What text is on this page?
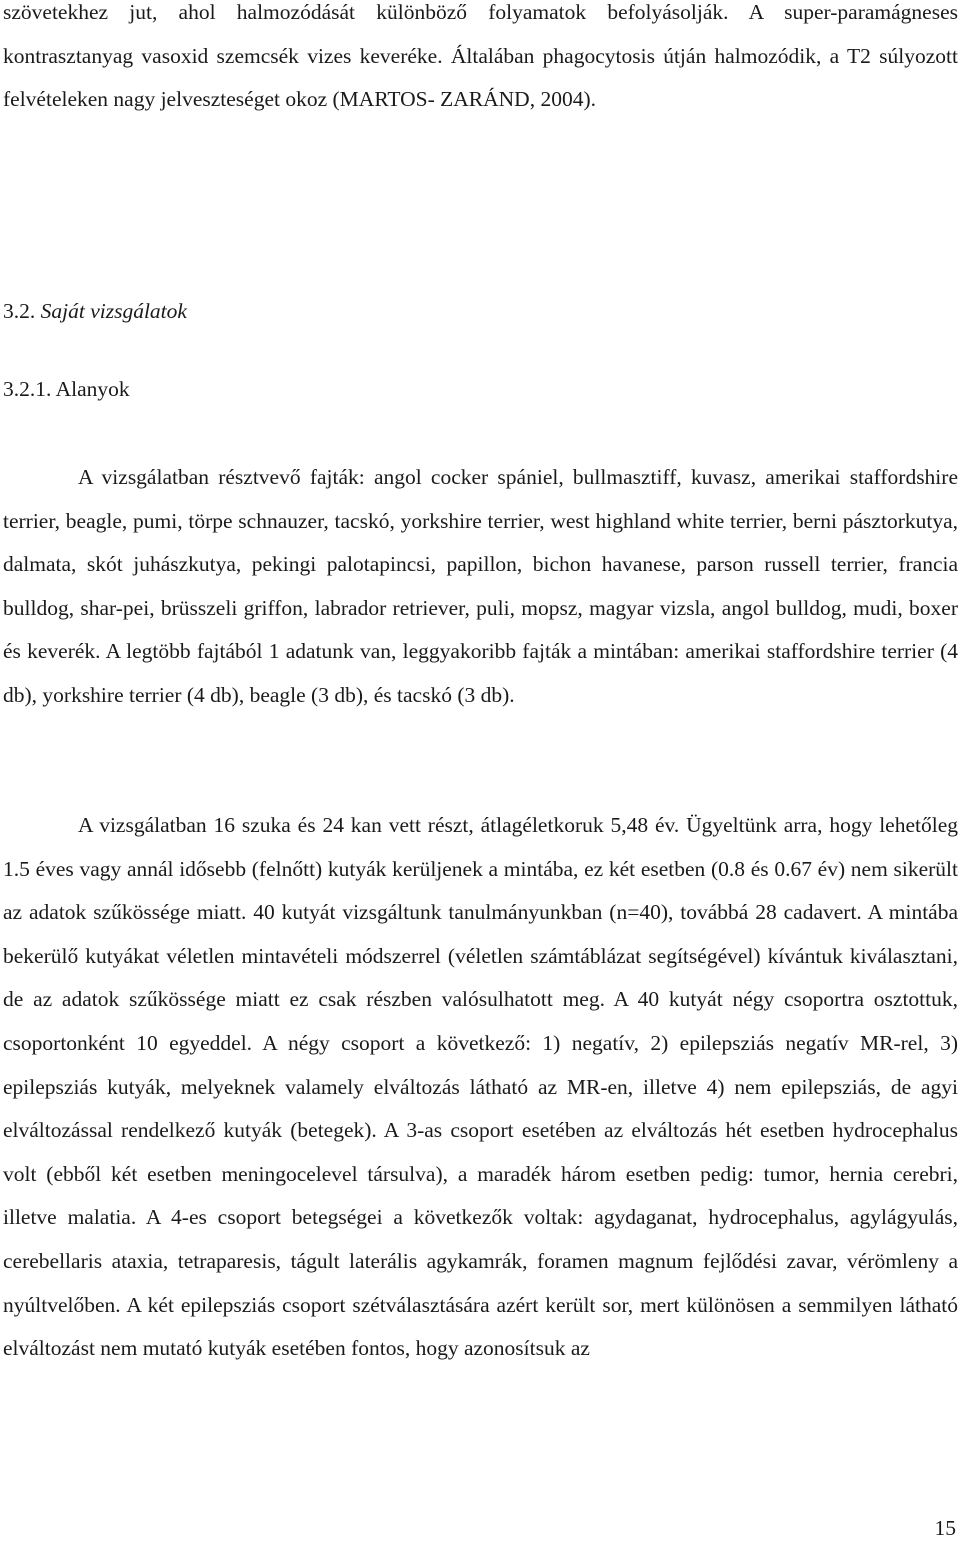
szövetekhez jut, ahol halmozódását különböző folyamatok befolyásolják. A super-paramágneses kontrasztanyag vasoxid szemcsék vizes keveréke. Általában phagocytosis útján halmozódik, a T2 súlyozott felvételeken nagy jelveszteséget okoz (MARTOS- ZARÁND, 2004).

3.2. Saját vizsgálatok

3.2.1. Alanyok

A vizsgálatban résztvevő fajták: angol cocker spániel, bullmasztiff, kuvasz, amerikai staffordshire terrier, beagle, pumi, törpe schnauzer, tacskó, yorkshire terrier, west highland white terrier, berni pásztorkutya, dalmata, skót juhászkutya, pekingi palotapincsi, papillon, bichon havanese, parson russell terrier, francia bulldog, shar-pei, brüsszeli griffon, labrador retriever, puli, mopsz, magyar vizsla, angol bulldog, mudi, boxer és keverék. A legtöbb fajtából 1 adatunk van, leggyakoribb fajták a mintában: amerikai staffordshire terrier (4 db), yorkshire terrier (4 db), beagle (3 db), és tacskó (3 db).

A vizsgálatban 16 szuka és 24 kan vett részt, átlagéletkoruk 5,48 év. Ügyeltünk arra, hogy lehetőleg 1.5 éves vagy annál idősebb (felnőtt) kutyák kerüljenek a mintába, ez két esetben (0.8 és 0.67 év) nem sikerült az adatok szűkössége miatt. 40 kutyát vizsgáltunk tanulmányunkban (n=40), továbbá 28 cadavert. A mintába bekerülő kutyákat véletlen mintavételi módszerrel (véletlen számtáblázat segítségével) kívántuk kiválasztani, de az adatok szűkössége miatt ez csak részben valósulhatott meg. A 40 kutyát négy csoportra osztottuk, csoportonként 10 egyeddel. A négy csoport a következő: 1) negatív, 2) epilepsziás negatív MR-rel, 3) epilepsziás kutyák, melyeknek valamely elváltozás látható az MR-en, illetve 4) nem epilepsziás, de agyi elváltozással rendelkező kutyák (betegek). A 3-as csoport esetében az elváltozás hét esetben hydrocephalus volt (ebből két esetben meningocelevel társulva), a maradék három esetben pedig: tumor, hernia cerebri, illetve malatia. A 4-es csoport betegségei a következők voltak: agydaganat, hydrocephalus, agylágyulás, cerebellaris ataxia, tetraparesis, tágult laterális agykamrák, foramen magnum fejlődési zavar, vérömleny a nyúltvelőben. A két epilepsziás csoport szétválasztására azért került sor, mert különösen a semmilyen látható elváltozást nem mutató kutyák esetében fontos, hogy azonosítsuk az

15
